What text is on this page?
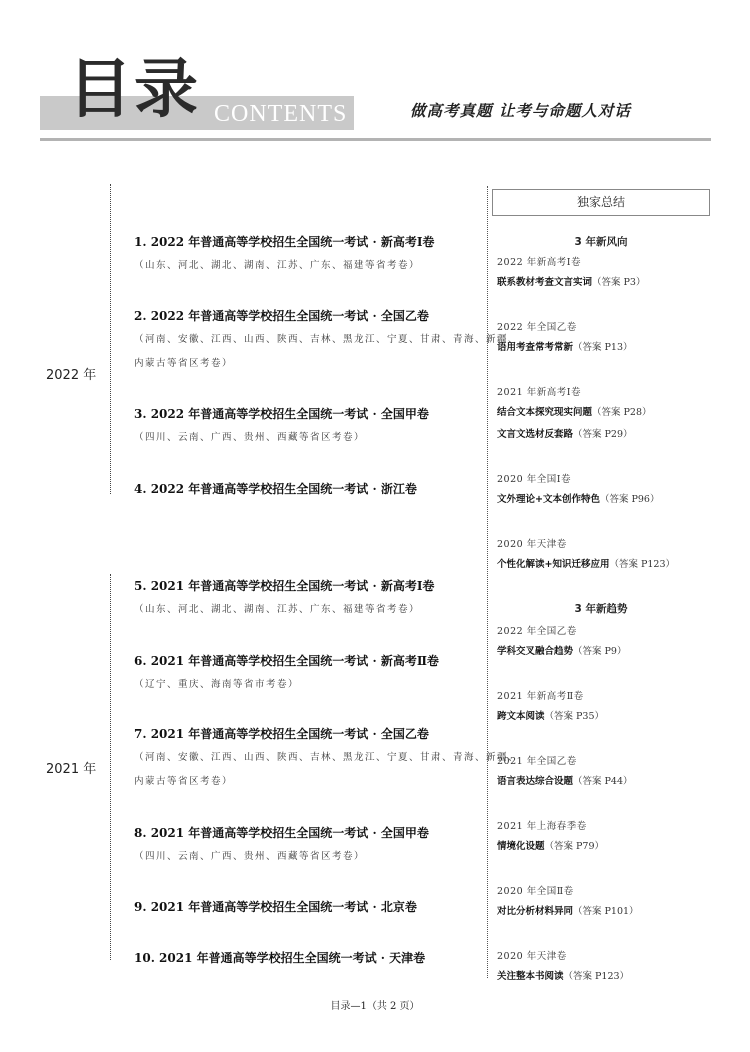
目录 CONTENTS	做高考真题 让考与命题人对话
2022 年
2021 年
1. 2022 年普通高等学校招生全国统一考试 · 新高考Ⅰ卷
（山东、河北、湖北、湖南、江苏、广东、福建等省考卷）
2. 2022 年普通高等学校招生全国统一考试 · 全国乙卷
（河南、安徽、江西、山西、陕西、吉林、黑龙江、宁夏、甘肃、青海、新疆、
内蒙古等省区考卷）
3. 2022 年普通高等学校招生全国统一考试 · 全国甲卷
（四川、云南、广西、贵州、西藏等省区考卷）
4. 2022 年普通高等学校招生全国统一考试 · 浙江卷
5. 2021 年普通高等学校招生全国统一考试 · 新高考Ⅰ卷
（山东、河北、湖北、湖南、江苏、广东、福建等省考卷）
6. 2021 年普通高等学校招生全国统一考试 · 新高考Ⅱ卷
（辽宁、重庆、海南等省市考卷）
7. 2021 年普通高等学校招生全国统一考试 · 全国乙卷
（河南、安徽、江西、山西、陕西、吉林、黑龙江、宁夏、甘肃、青海、新疆、
内蒙古等省区考卷）
8. 2021 年普通高等学校招生全国统一考试 · 全国甲卷
（四川、云南、广西、贵州、西藏等省区考卷）
9. 2021 年普通高等学校招生全国统一考试 · 北京卷
10. 2021 年普通高等学校招生全国统一考试 · 天津卷
独家总结
3 年新风向
2022 年新高考Ⅰ卷
联系教材考查文言实词（答案 P3）
2022 年全国乙卷
语用考查常考常新（答案 P13）
2021 年新高考Ⅰ卷
结合文本探究现实问题（答案 P28）
文言文选材反套路（答案 P29）
2020 年全国Ⅰ卷
文外理论+文本创作特色（答案 P96）
2020 年天津卷
个性化解读+知识迁移应用（答案 P123）
3 年新趋势
2022 年全国乙卷
学科交叉融合趋势（答案 P9）
2021 年新高考Ⅱ卷
跨文本阅读（答案 P35）
2021 年全国乙卷
语言表达综合设题（答案 P44）
2021 年上海春季卷
情境化设题（答案 P79）
2020 年全国Ⅱ卷
对比分析材料异同（答案 P101）
2020 年天津卷
关注整本书阅读（答案 P123）
目录—1（共 2 页）
